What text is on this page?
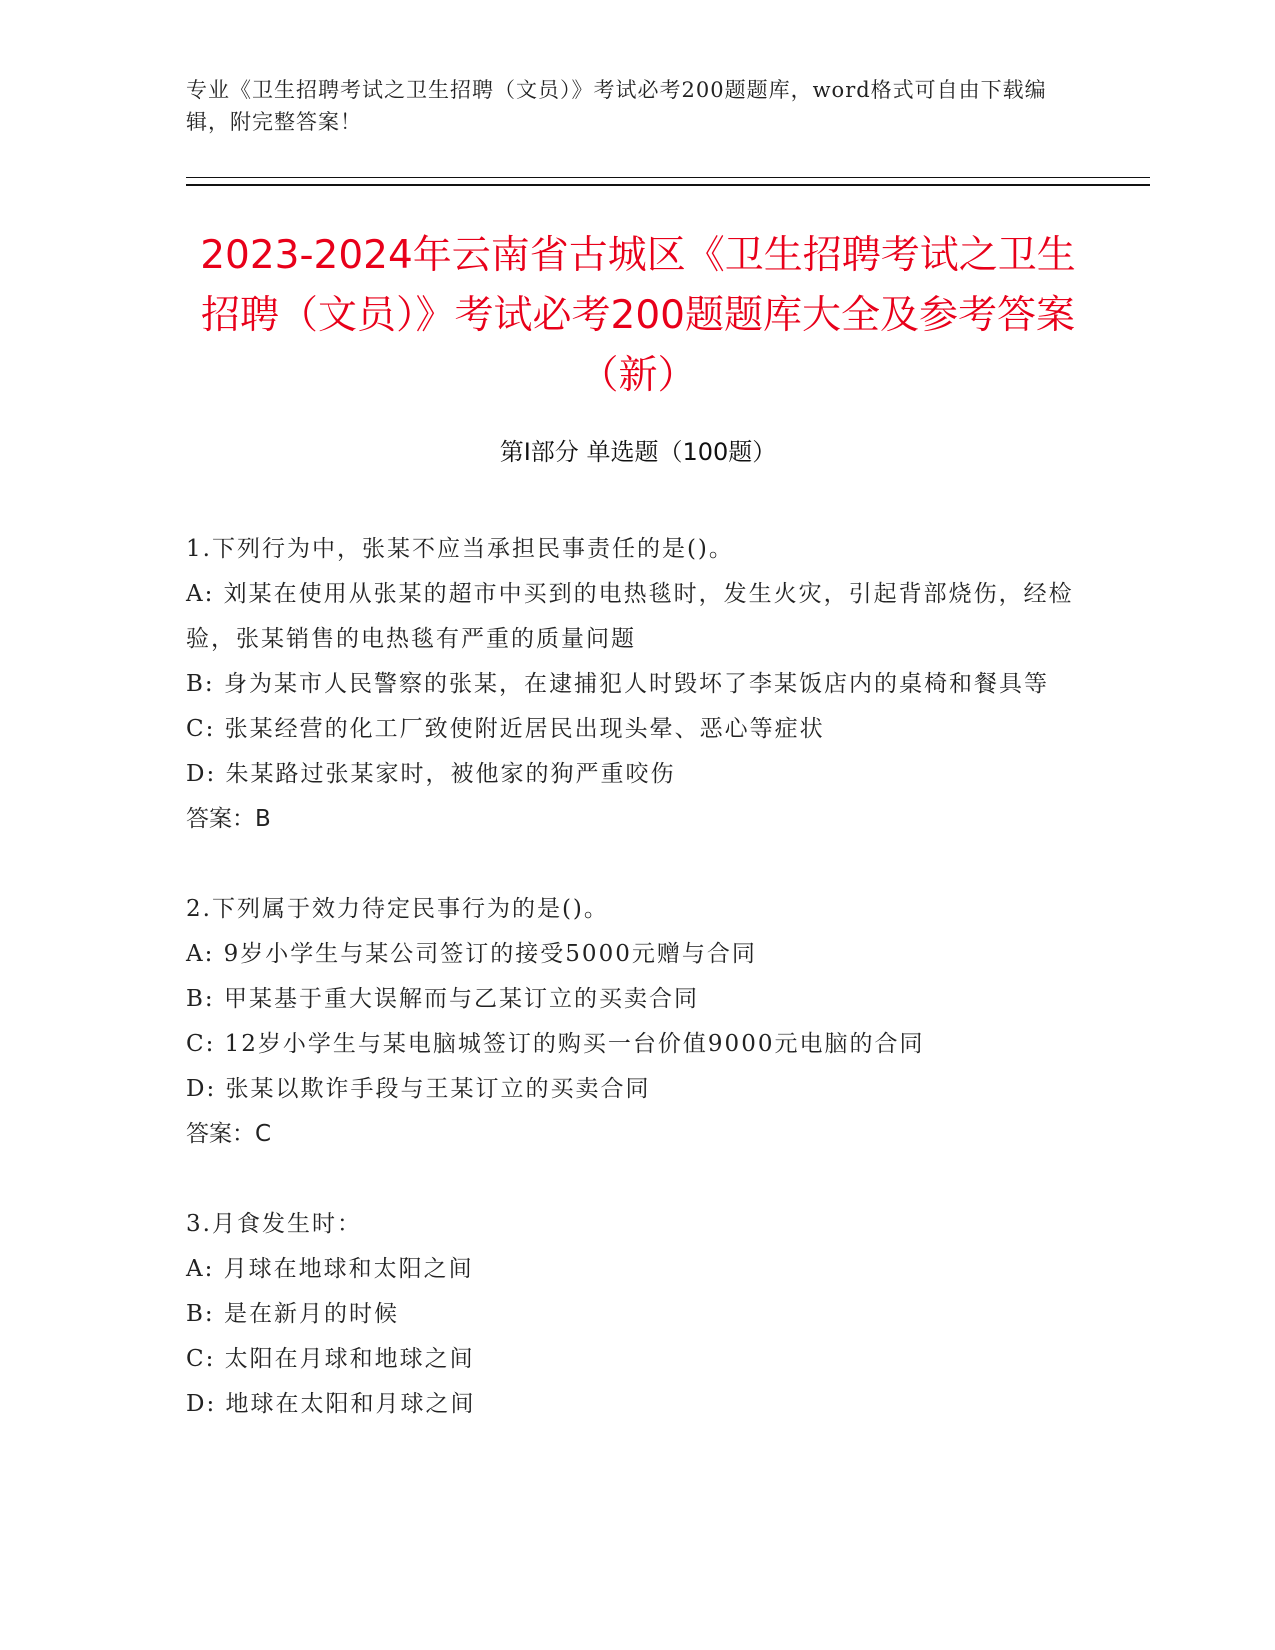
专业《卫生招聘考试之卫生招聘（文员）》考试必考200题题库，word格式可自由下载编辑，附完整答案！
2023-2024年云南省古城区《卫生招聘考试之卫生招聘（文员）》考试必考200题题库大全及参考答案（新）
第Ⅰ部分 单选题（100题）
1.下列行为中，张某不应当承担民事责任的是()。
A: 刘某在使用从张某的超市中买到的电热毯时，发生火灾，引起背部烧伤，经检验，张某销售的电热毯有严重的质量问题
B: 身为某市人民警察的张某，在逮捕犯人时毁坏了李某饭店内的桌椅和餐具等
C: 张某经营的化工厂致使附近居民出现头晕、恶心等症状
D: 朱某路过张某家时，被他家的狗严重咬伤
答案：B
2.下列属于效力待定民事行为的是()。
A: 9岁小学生与某公司签订的接受5000元赠与合同
B: 甲某基于重大误解而与乙某订立的买卖合同
C: 12岁小学生与某电脑城签订的购买一台价值9000元电脑的合同
D: 张某以欺诈手段与王某订立的买卖合同
答案：C
3.月食发生时：
A: 月球在地球和太阳之间
B: 是在新月的时候
C: 太阳在月球和地球之间
D: 地球在太阳和月球之间
